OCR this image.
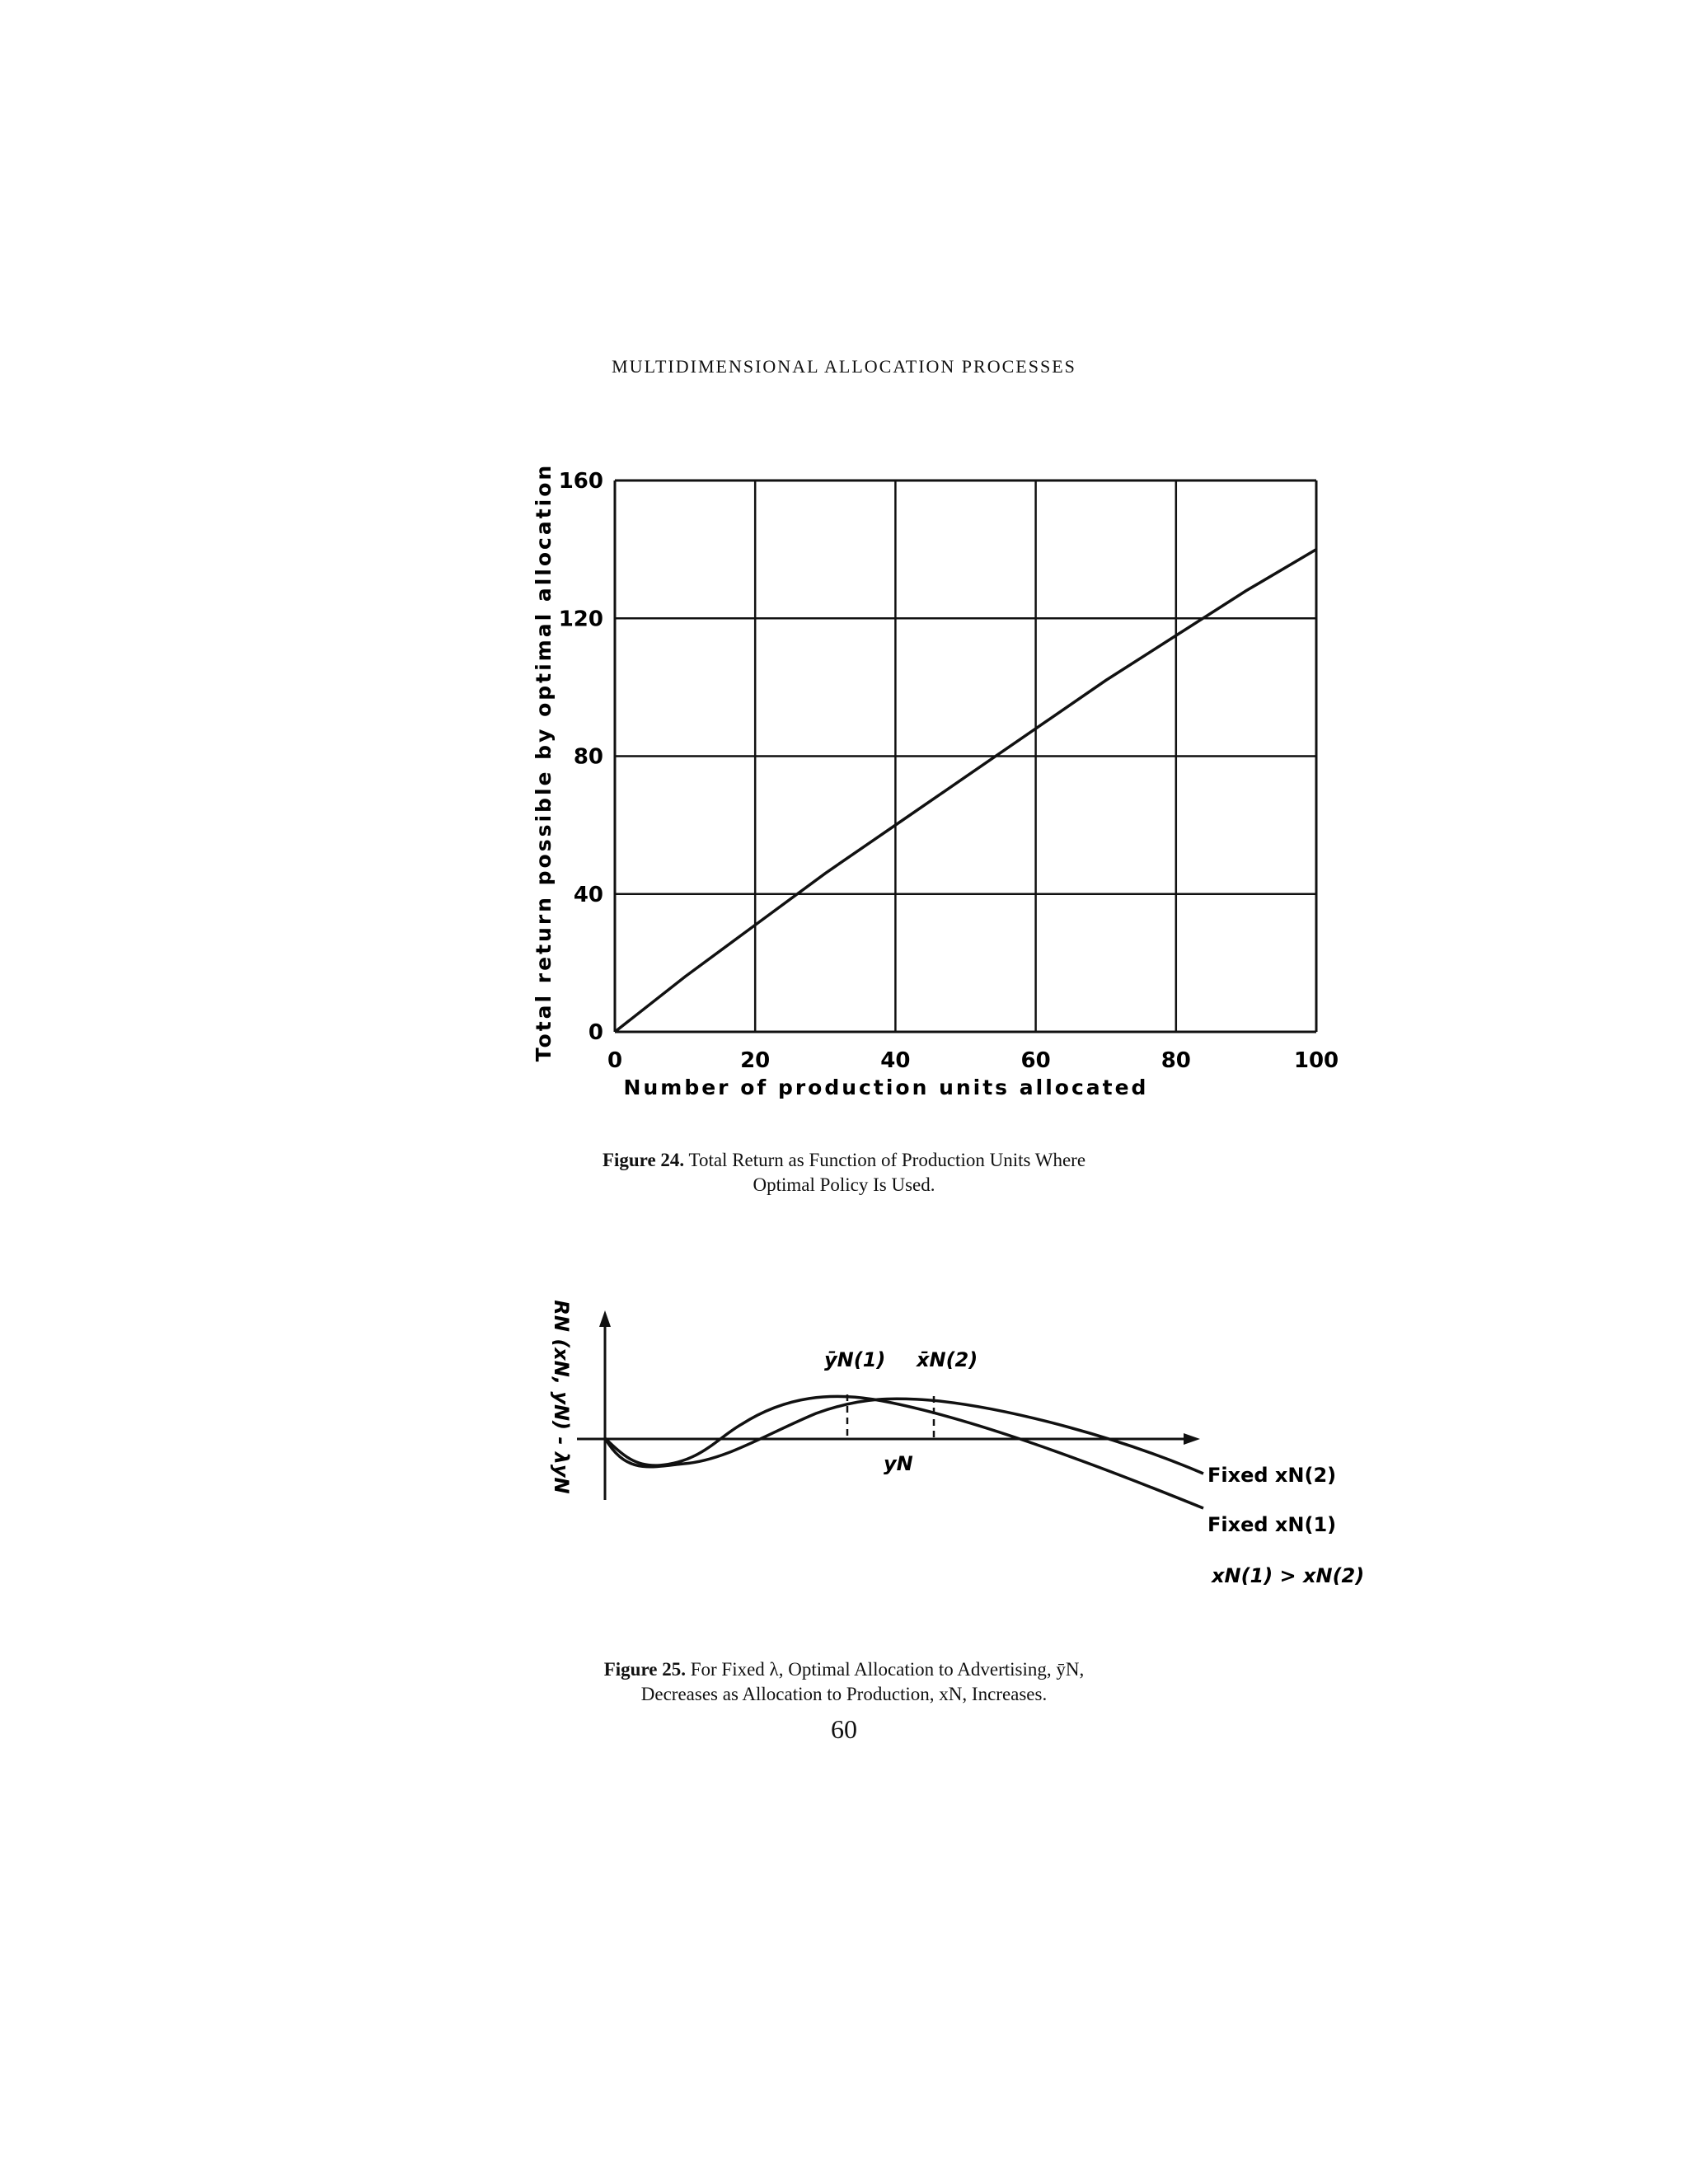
MULTIDIMENSIONAL ALLOCATION PROCESSES
0
40
80
120
160
0	20	40	60	80	100
Number of production units allocated
Total return possible by optimal allocation
Figure 24. Total Return as Function of Production Units Where
Optimal Policy Is Used.
ȳN(1) x̄N(2)
yN	Fixed xN(2)
Fixed xN(1)
xN(1) > xN(2)
RN (xN, yN) - λyN
Figure 25. For Fixed λ, Optimal Allocation to Advertising, ȳN,
Decreases as Allocation to Production, xN, Increases.
60
